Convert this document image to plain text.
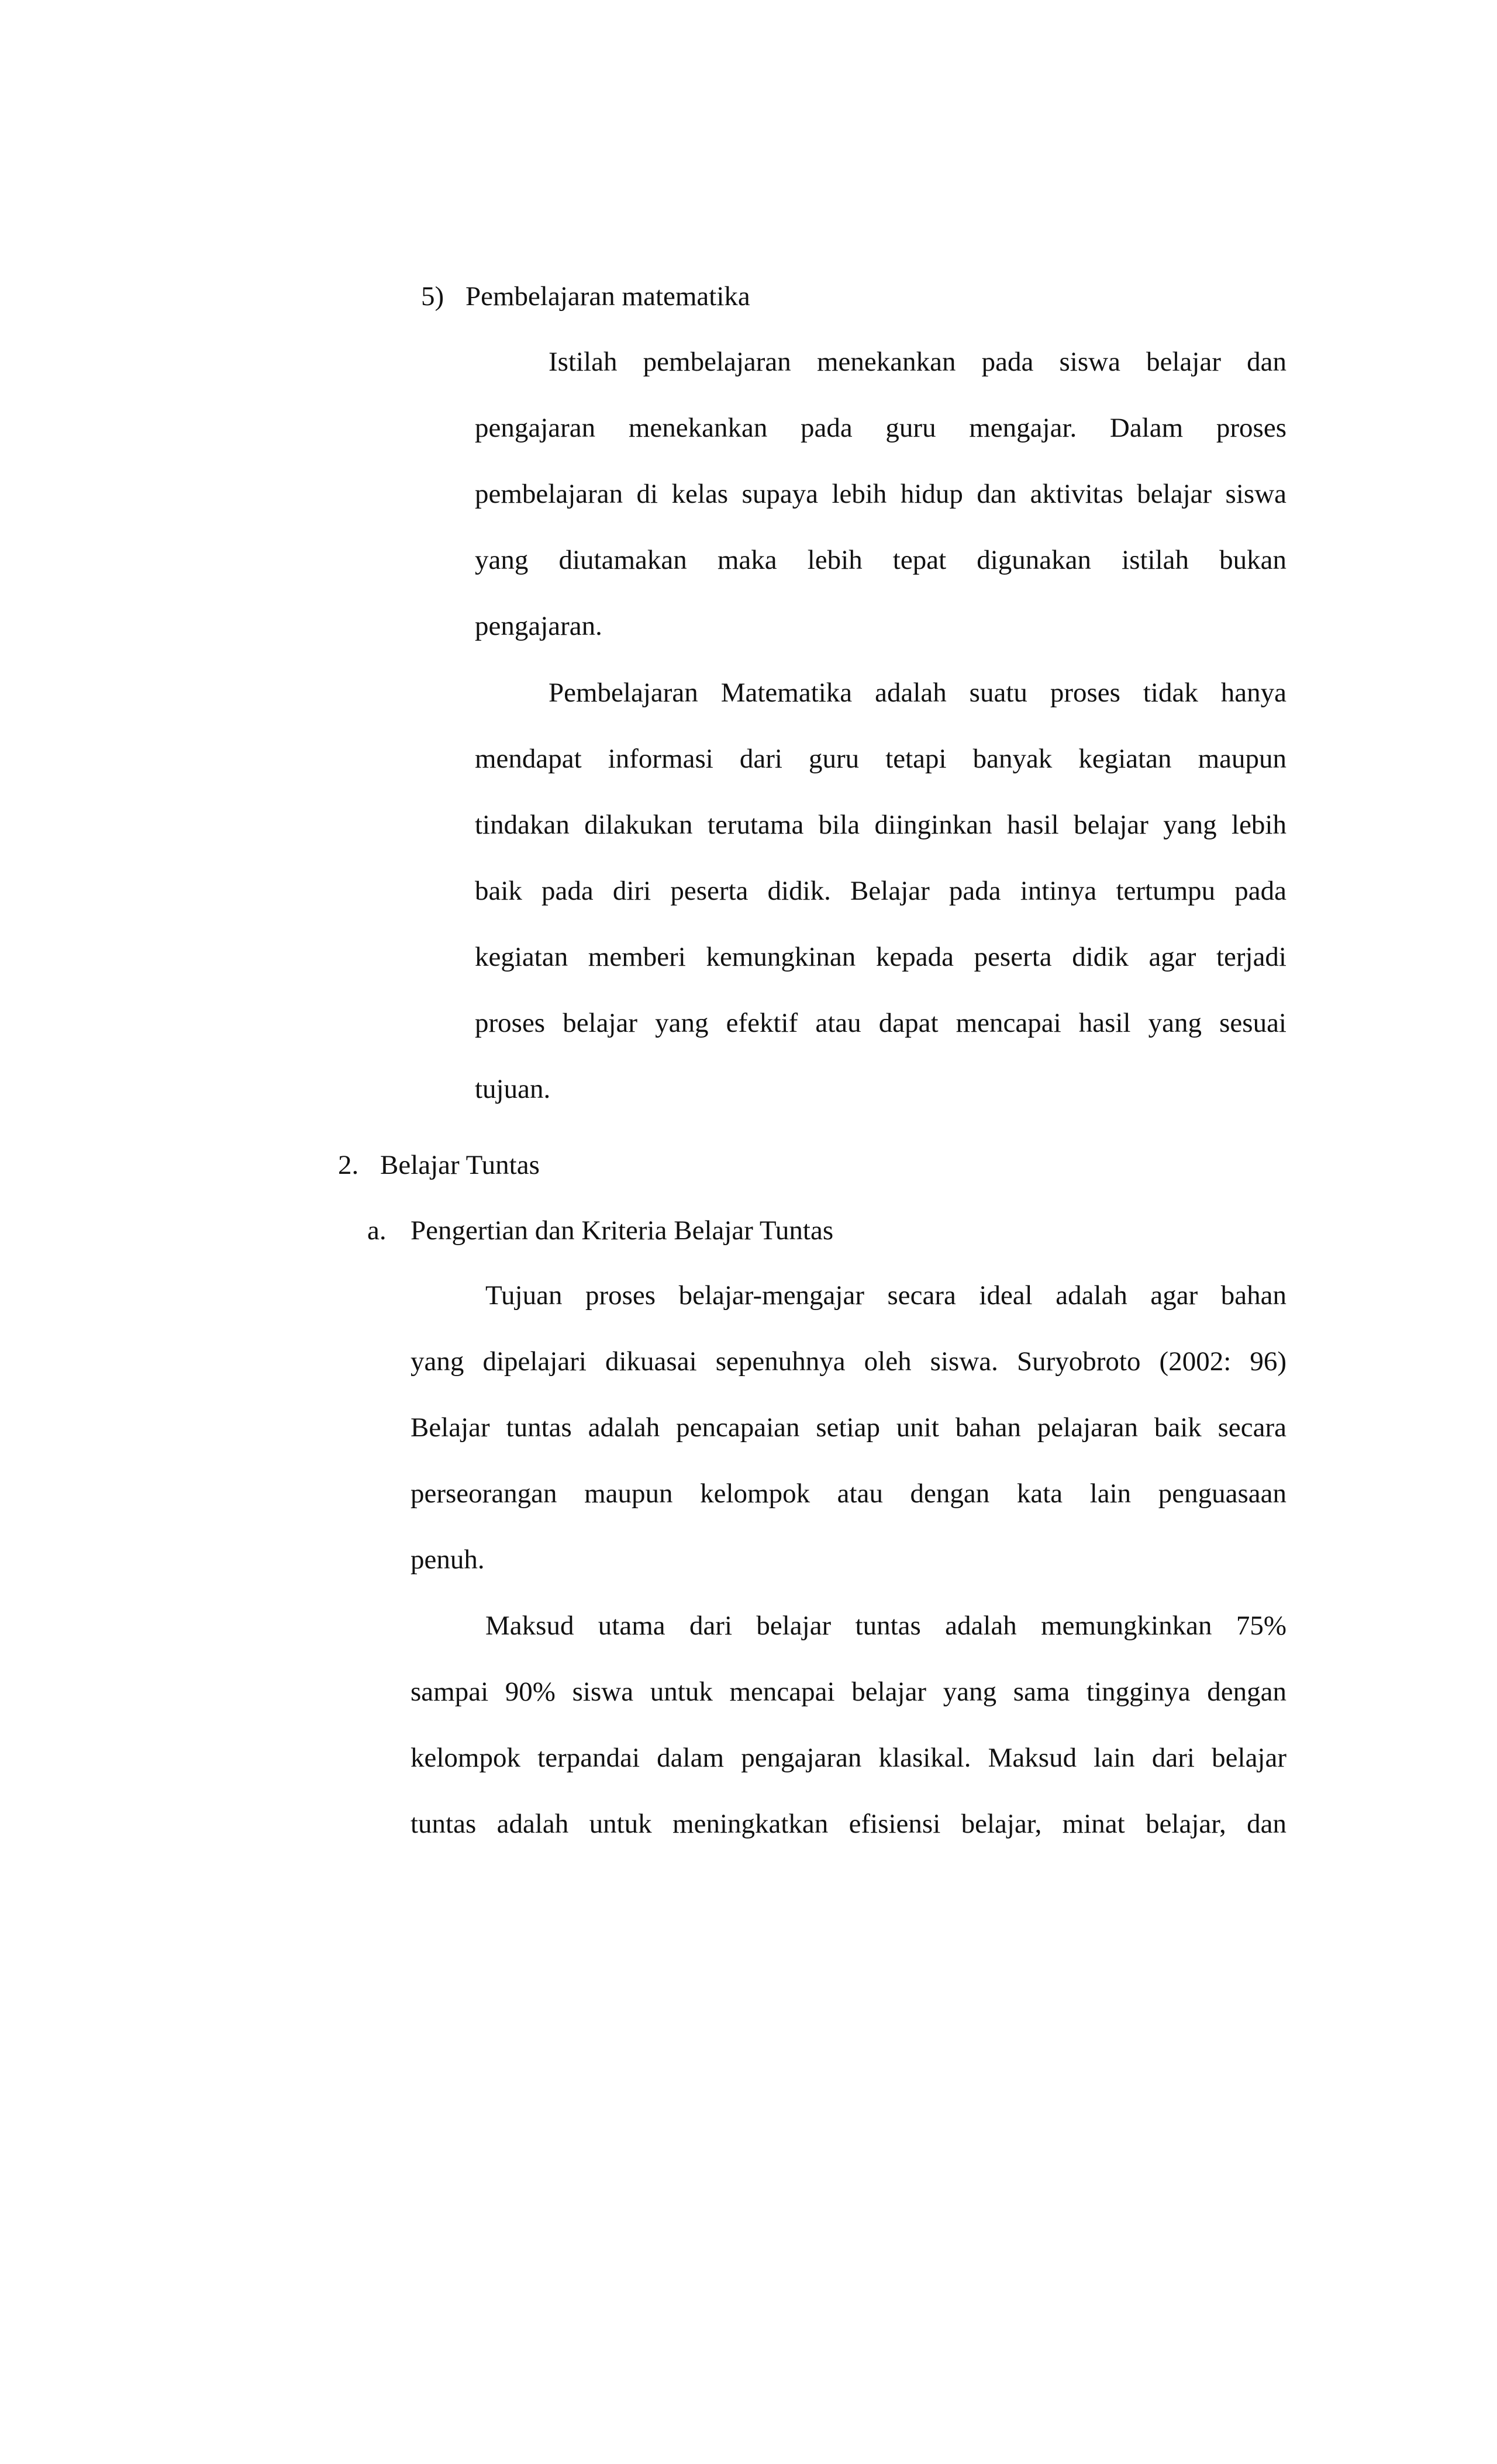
5) Pembelajaran matematika
Istilah pembelajaran menekankan pada siswa belajar dan
pengajaran menekankan pada guru mengajar. Dalam proses
pembelajaran di kelas supaya lebih hidup dan aktivitas belajar siswa
yang diutamakan maka lebih tepat digunakan istilah bukan
pengajaran.
Pembelajaran Matematika adalah suatu proses tidak hanya
mendapat informasi dari guru tetapi banyak kegiatan maupun
tindakan dilakukan terutama bila diinginkan hasil belajar yang lebih
baik pada diri peserta didik. Belajar pada intinya tertumpu pada
kegiatan memberi kemungkinan kepada peserta didik agar terjadi
proses belajar yang efektif atau dapat mencapai hasil yang sesuai
tujuan.
2. Belajar Tuntas
a. Pengertian dan Kriteria Belajar Tuntas
Tujuan proses belajar-mengajar secara ideal adalah agar bahan
yang dipelajari dikuasai sepenuhnya oleh siswa. Suryobroto (2002: 96)
Belajar tuntas adalah pencapaian setiap unit bahan pelajaran baik secara
perseorangan maupun kelompok atau dengan kata lain penguasaan
penuh.
Maksud utama dari belajar tuntas adalah memungkinkan 75%
sampai 90% siswa untuk mencapai belajar yang sama tingginya dengan
kelompok terpandai dalam pengajaran klasikal. Maksud lain dari belajar
tuntas adalah untuk meningkatkan efisiensi belajar, minat belajar, dan
